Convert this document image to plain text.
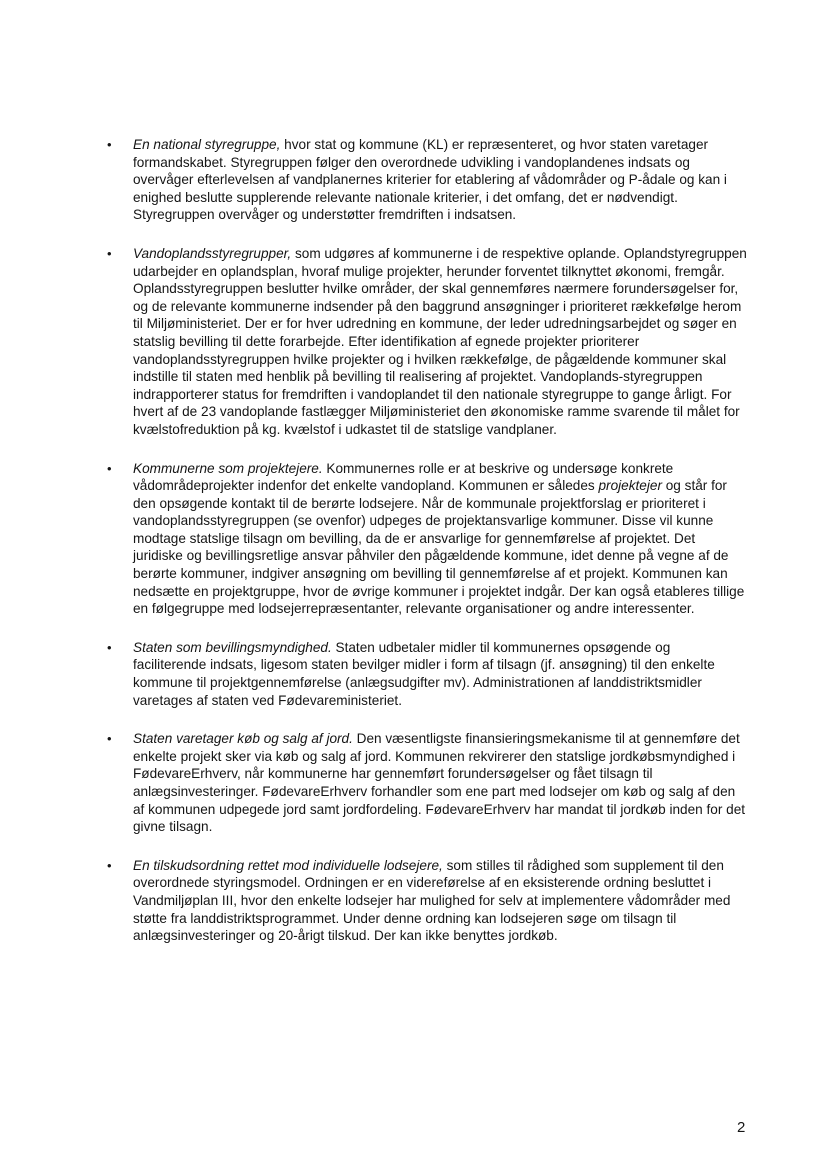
•	En national styregruppe, hvor stat og kommune (KL) er repræsenteret, og hvor staten varetager formandskabet. Styregruppen følger den overordnede udvikling i vandoplandenes indsats og overvåger efterlevelsen af vandplanernes kriterier for etablering af vådområder og P-ådale og kan i enighed beslutte supplerende relevante nationale kriterier, i det omfang, det er nødvendigt. Styregruppen overvåger og understøtter fremdriften i indsatsen.
•	Vandoplandsstyregrupper, som udgøres af kommunerne i de respektive oplande. Oplandstyregruppen udarbejder en oplandsplan, hvoraf mulige projekter, herunder forventet tilknyttet økonomi, fremgår. Oplandsstyregruppen beslutter hvilke områder, der skal gennemføres nærmere forundersøgelser for, og de relevante kommunerne indsender på den baggrund ansøgninger i prioriteret rækkefølge herom til Miljøministeriet. Der er for hver udredning en kommune, der leder udredningsarbejdet og søger en statslig bevilling til dette forarbejde. Efter identifikation af egnede projekter prioriterer vandoplandsstyregruppen hvilke projekter og i hvilken rækkefølge, de pågældende kommuner skal indstille til staten med henblik på bevilling til realisering af projektet. Vandoplands-styregruppen indrapporterer status for fremdriften i vandoplandet til den nationale styregruppe to gange årligt. For hvert af de 23 vandoplande fastlægger Miljøministeriet den økonomiske ramme svarende til målet for kvælstofreduktion på kg. kvælstof i udkastet til de statslige vandplaner.
•	Kommunerne som projektejere. Kommunernes rolle er at beskrive og undersøge konkrete vådområdeprojekter indenfor det enkelte vandopland. Kommunen er således projektejer og står for den opsøgende kontakt til de berørte lodsejere. Når de kommunale projektforslag er prioriteret i vandoplandsstyregruppen (se ovenfor) udpeges de projektansvarlige kommuner. Disse vil kunne modtage statslige tilsagn om bevilling, da de er ansvarlige for gennemførelse af projektet. Det juridiske og bevillingsretlige ansvar påhviler den pågældende kommune, idet denne på vegne af de berørte kommuner, indgiver ansøgning om bevilling til gennemførelse af et projekt. Kommunen kan nedsætte en projektgruppe, hvor de øvrige kommuner i projektet indgår. Der kan også etableres tillige en følgegruppe med lodsejerrepræsentanter, relevante organisationer og andre interessenter.
•	Staten som bevillingsmyndighed. Staten udbetaler midler til kommunernes opsøgende og faciliterende indsats, ligesom staten bevilger midler i form af tilsagn (jf. ansøgning) til den enkelte kommune til projektgennemførelse (anlægsudgifter mv). Administrationen af landdistriktsmidler varetages af staten ved Fødevareministeriet.
•	Staten varetager køb og salg af jord. Den væsentligste finansieringsmekanisme til at gennemføre det enkelte projekt sker via køb og salg af jord. Kommunen rekvirerer den statslige jordkøbsmyndighed i FødevareErhverv, når kommunerne har gennemført forundersøgelser og fået tilsagn til anlægsinvesteringer. FødevareErhverv forhandler som ene part med lodsejer om køb og salg af den af kommunen udpegede jord samt jordfordeling. FødevareErhverv har mandat til jordkøb inden for det givne tilsagn.
•	En tilskudsordning rettet mod individuelle lodsejere, som stilles til rådighed som supplement til den overordnede styringsmodel. Ordningen er en videreførelse af en eksisterende ordning besluttet i Vandmiljøplan III, hvor den enkelte lodsejer har mulighed for selv at implementere vådområder med støtte fra landdistriktsprogrammet. Under denne ordning kan lodsejeren søge om tilsagn til anlægsinvesteringer og 20-årigt tilskud. Der kan ikke benyttes jordkøb.
2
